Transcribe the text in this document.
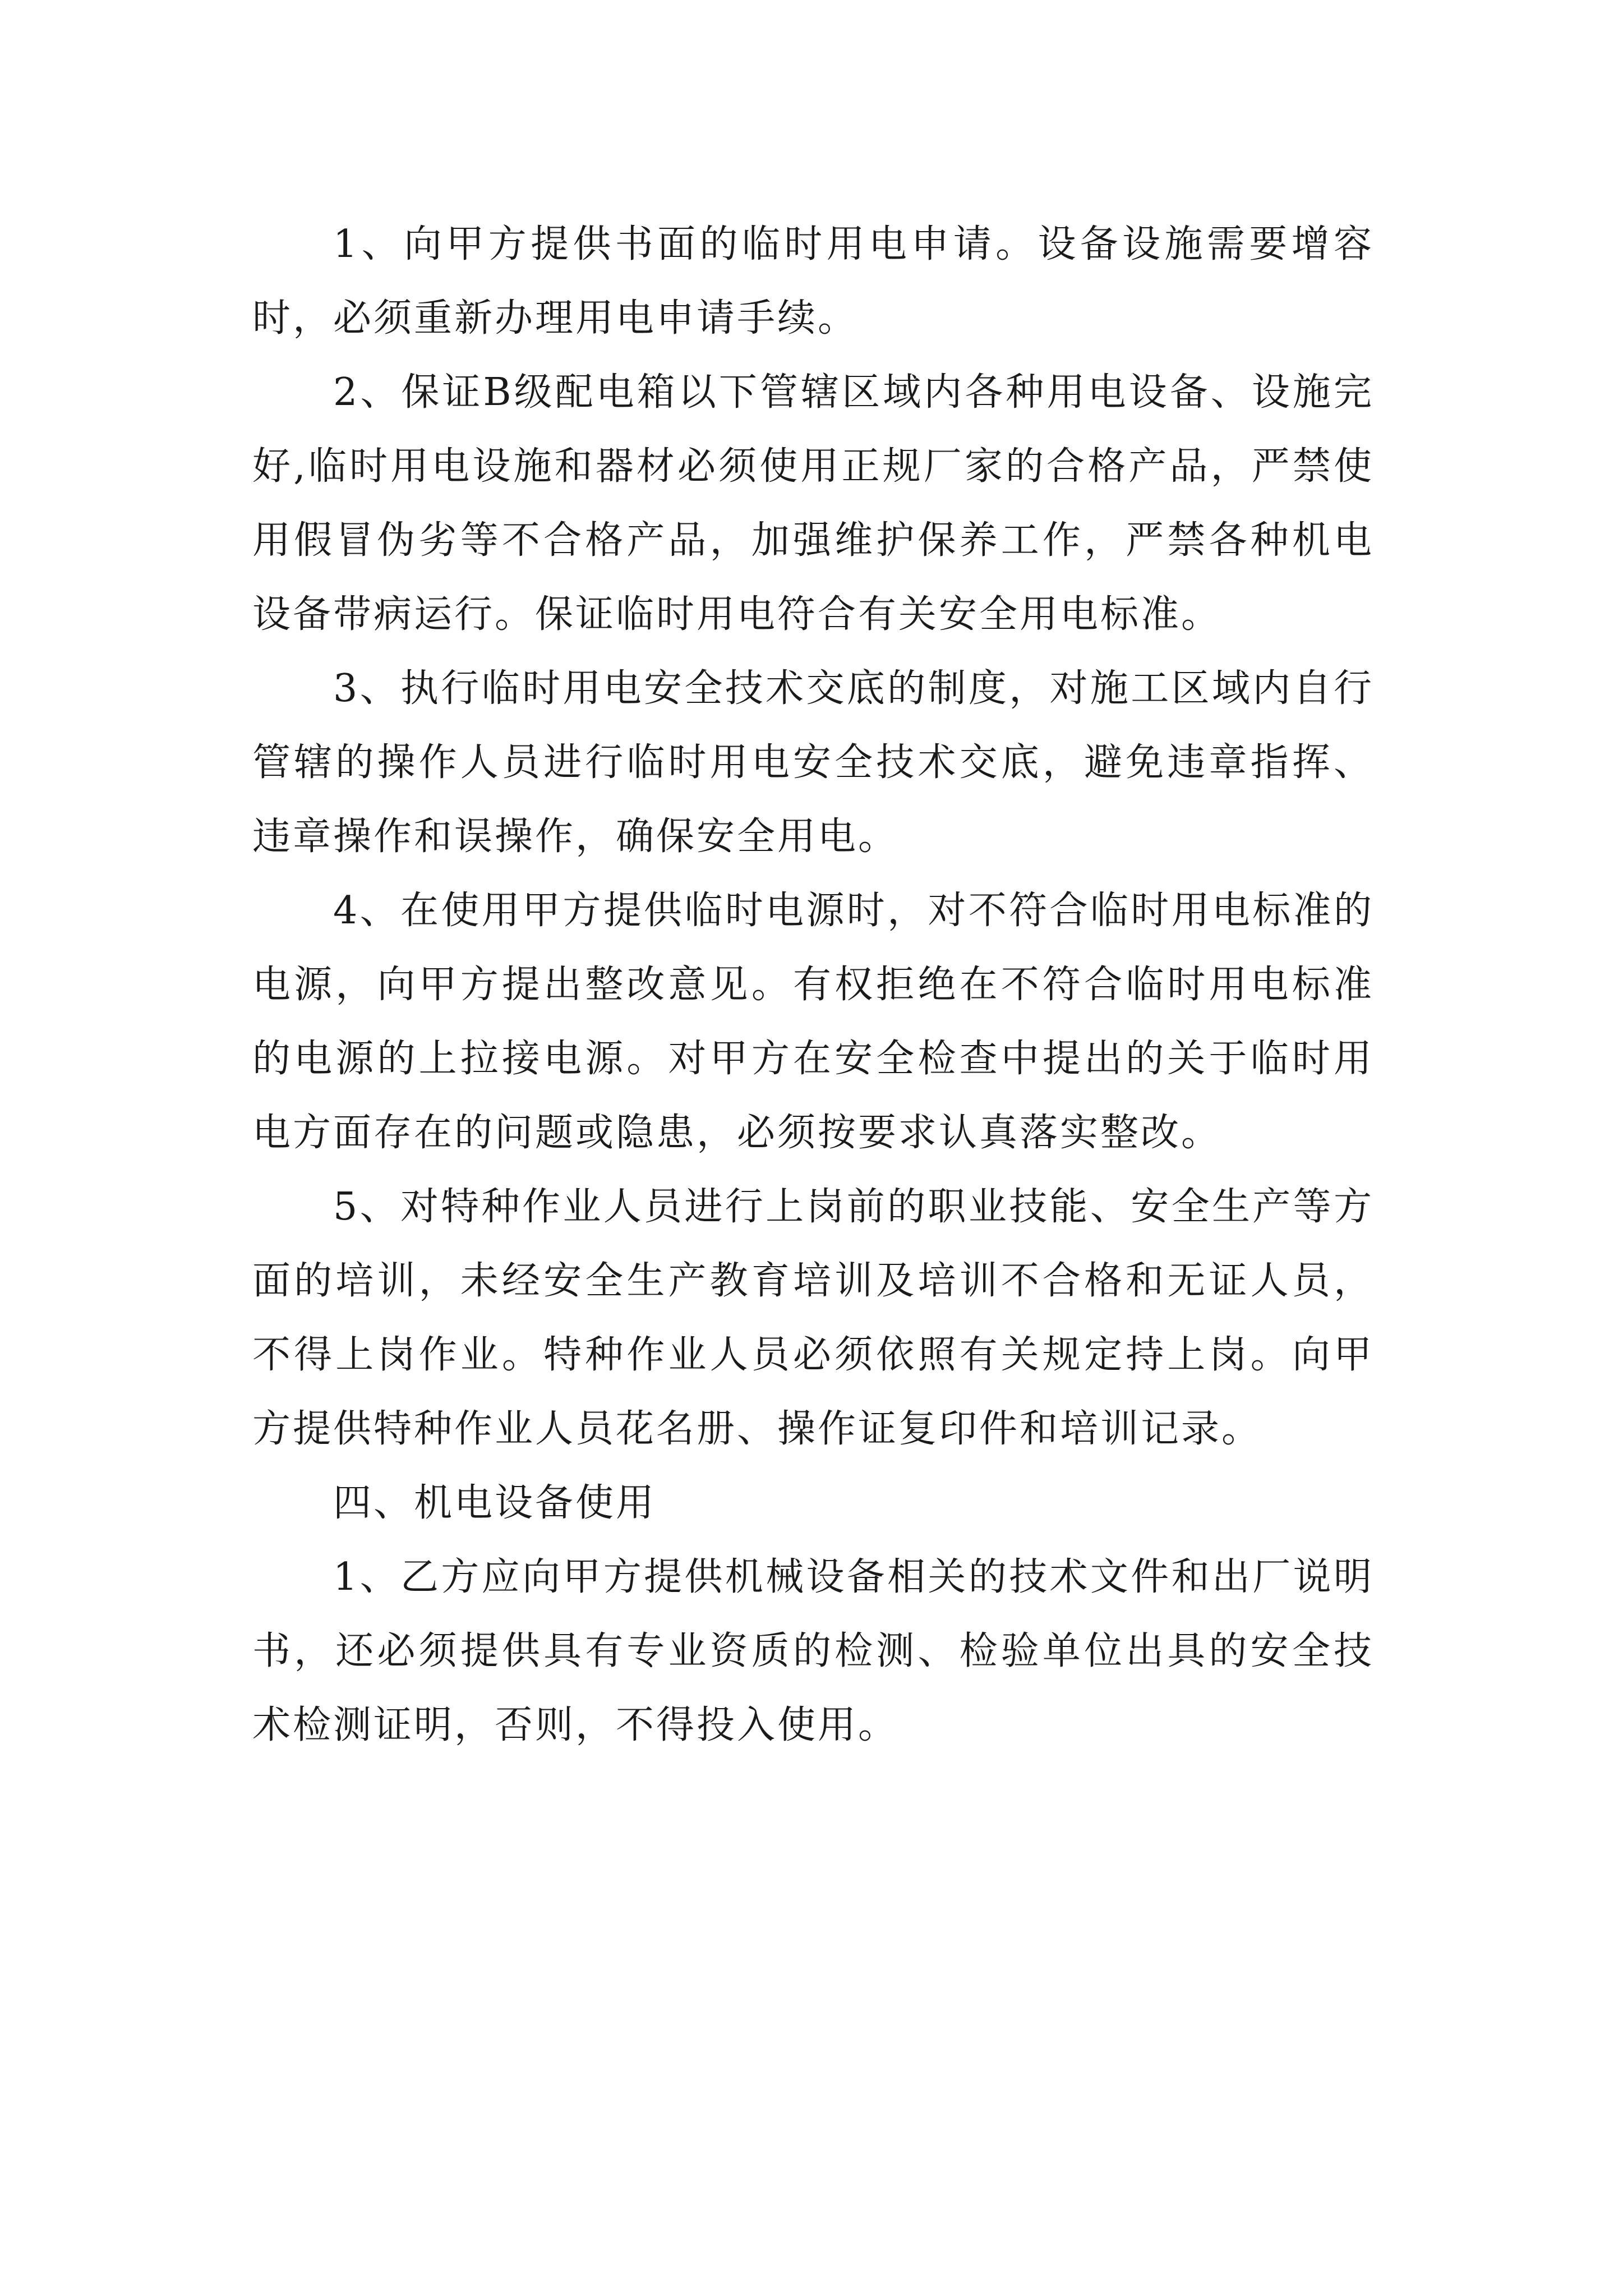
1、向甲方提供书面的临时用电申请。设备设施需要增容时，必须重新办理用电申请手续。

2、保证B级配电箱以下管辖区域内各种用电设备、设施完好,临时用电设施和器材必须使用正规厂家的合格产品，严禁使用假冒伪劣等不合格产品，加强维护保养工作，严禁各种机电设备带病运行。保证临时用电符合有关安全用电标准。

3、执行临时用电安全技术交底的制度，对施工区域内自行管辖的操作人员进行临时用电安全技术交底，避免违章指挥、违章操作和误操作，确保安全用电。

4、在使用甲方提供临时电源时，对不符合临时用电标准的电源，向甲方提出整改意见。有权拒绝在不符合临时用电标准的电源的上拉接电源。对甲方在安全检查中提出的关于临时用电方面存在的问题或隐患，必须按要求认真落实整改。

5、对特种作业人员进行上岗前的职业技能、安全生产等方面的培训，未经安全生产教育培训及培训不合格和无证人员，不得上岗作业。特种作业人员必须依照有关规定持上岗。向甲方提供特种作业人员花名册、操作证复印件和培训记录。

四、机电设备使用

1、乙方应向甲方提供机械设备相关的技术文件和出厂说明书，还必须提供具有专业资质的检测、检验单位出具的安全技术检测证明，否则，不得投入使用。
